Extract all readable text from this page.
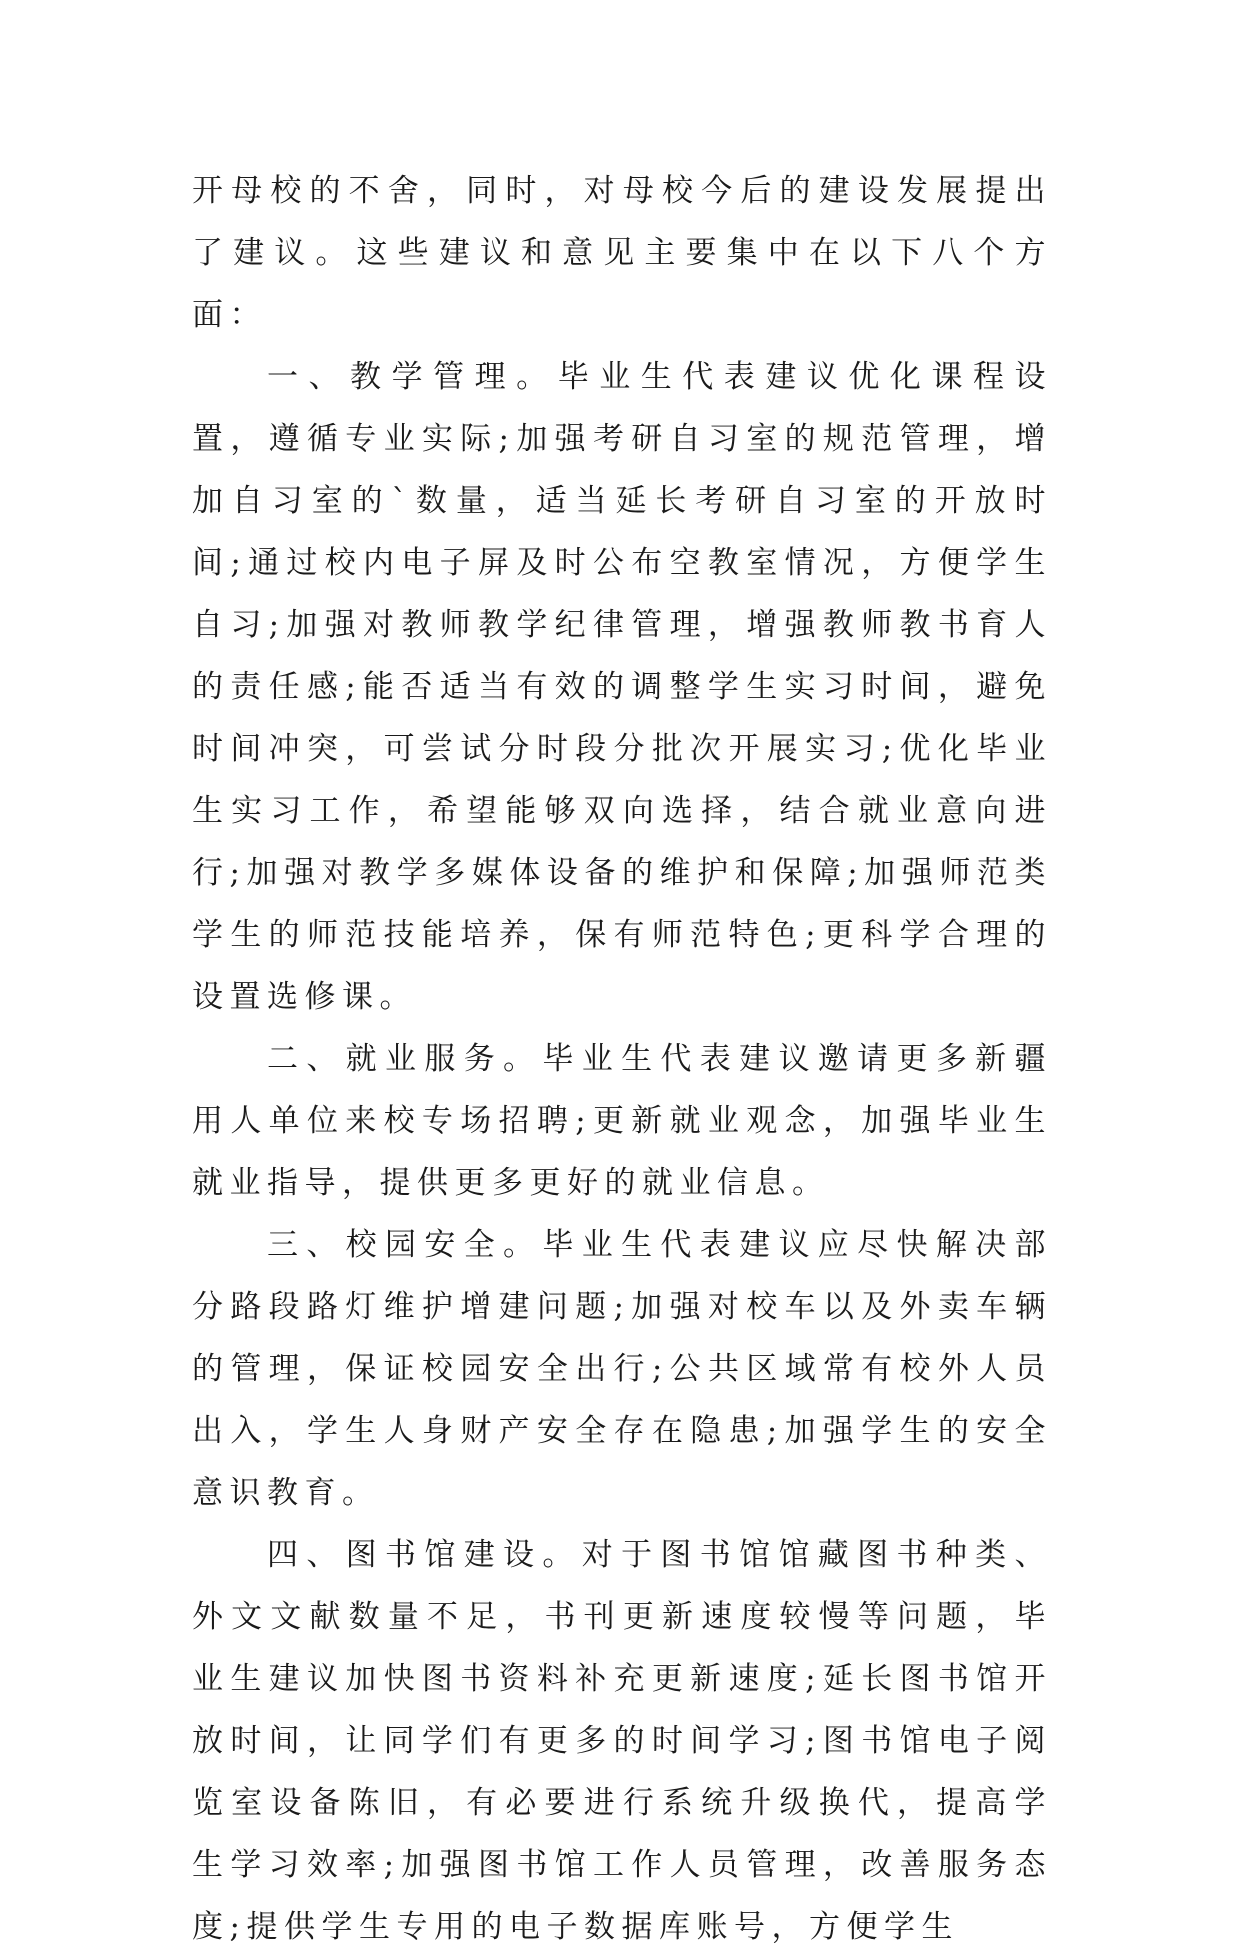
开母校的不舍，同时，对母校今后的建设发展提出了建议。这些建议和意见主要集中在以下八个方面：

一、教学管理。毕业生代表建议优化课程设置，遵循专业实际;加强考研自习室的规范管理，增加自习室的`数量，适当延长考研自习室的开放时间;通过校内电子屏及时公布空教室情况，方便学生自习;加强对教师教学纪律管理，增强教师教书育人的责任感;能否适当有效的调整学生实习时间，避免时间冲突，可尝试分时段分批次开展实习;优化毕业生实习工作，希望能够双向选择，结合就业意向进行;加强对教学多媒体设备的维护和保障;加强师范类学生的师范技能培养，保有师范特色;更科学合理的设置选修课。

二、就业服务。毕业生代表建议邀请更多新疆用人单位来校专场招聘;更新就业观念，加强毕业生就业指导，提供更多更好的就业信息。

三、校园安全。毕业生代表建议应尽快解决部分路段路灯维护增建问题;加强对校车以及外卖车辆的管理，保证校园安全出行;公共区域常有校外人员出入，学生人身财产安全存在隐患;加强学生的安全意识教育。

四、图书馆建设。对于图书馆馆藏图书种类、外文文献数量不足，书刊更新速度较慢等问题，毕业生建议加快图书资料补充更新速度;延长图书馆开放时间，让同学们有更多的时间学习;图书馆电子阅览室设备陈旧，有必要进行系统升级换代，提高学生学习效率;加强图书馆工作人员管理，改善服务态度;提供学生专用的电子数据库账号，方便学生
